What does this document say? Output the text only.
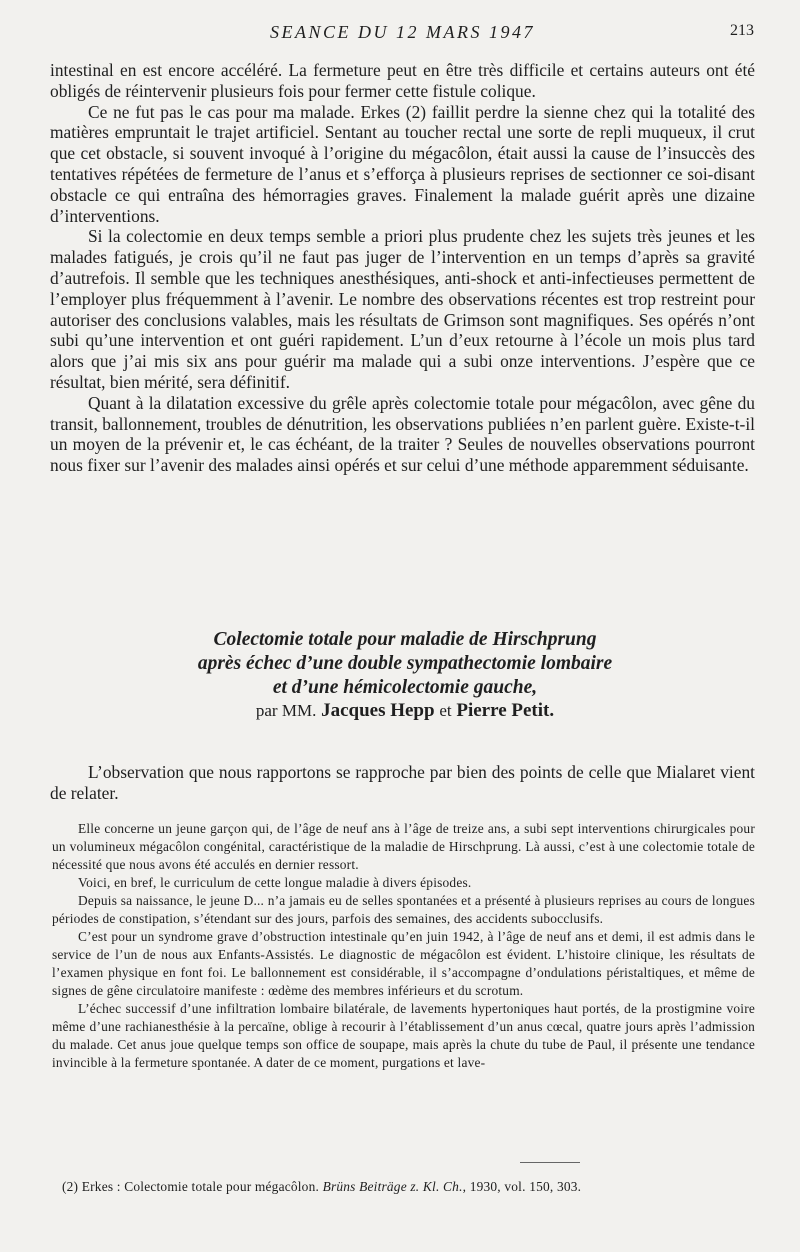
SEANCE DU 12 MARS 1947	213

intestinal en est encore accéléré. La fermeture peut en être très difficile et certains auteurs ont été obligés de réintervenir plusieurs fois pour fermer cette fistule colique.

Ce ne fut pas le cas pour ma malade. Erkes (2) faillit perdre la sienne chez qui la totalité des matières empruntait le trajet artificiel. Sentant au toucher rectal une sorte de repli muqueux, il crut que cet obstacle, si souvent invoqué à l’origine du mégacôlon, était aussi la cause de l’insuccès des tentatives répétées de fermeture de l’anus et s’efforça à plusieurs reprises de sectionner ce soi-disant obstacle ce qui entraîna des hémorragies graves. Finalement la malade guérit après une dizaine d’interventions.

Si la colectomie en deux temps semble a priori plus prudente chez les sujets très jeunes et les malades fatigués, je crois qu’il ne faut pas juger de l’intervention en un temps d’après sa gravité d’autrefois. Il semble que les techniques anesthésiques, anti-shock et anti-infectieuses permettent de l’employer plus fréquemment à l’avenir. Le nombre des observations récentes est trop restreint pour autoriser des conclusions valables, mais les résultats de Grimson sont magnifiques. Ses opérés n’ont subi qu’une intervention et ont guéri rapidement. L’un d’eux retourne à l’école un mois plus tard alors que j’ai mis six ans pour guérir ma malade qui a subi onze interventions. J’espère que ce résultat, bien mérité, sera définitif.

Quant à la dilatation excessive du grêle après colectomie totale pour mégacôlon, avec gêne du transit, ballonnement, troubles de dénutrition, les observations publiées n’en parlent guère. Existe-t-il un moyen de la prévenir et, le cas échéant, de la traiter ? Seules de nouvelles observations pourront nous fixer sur l’avenir des malades ainsi opérés et sur celui d’une méthode apparemment séduisante.

Colectomie totale pour maladie de Hirschprung
après échec d’une double sympathectomie lombaire
et d’une hémicolectomie gauche,
par MM. Jacques Hepp et Pierre Petit.

L’observation que nous rapportons se rapproche par bien des points de celle que Mialaret vient de relater.

Elle concerne un jeune garçon qui, de l’âge de neuf ans à l’âge de treize ans, a subi sept interventions chirurgicales pour un volumineux mégacôlon congénital, caractéristique de la maladie de Hirschprung. Là aussi, c’est à une colectomie totale de nécessité que nous avons été acculés en dernier ressort.

Voici, en bref, le curriculum de cette longue maladie à divers épisodes.

Depuis sa naissance, le jeune D... n’a jamais eu de selles spontanées et a présenté à plusieurs reprises au cours de longues périodes de constipation, s’étendant sur des jours, parfois des semaines, des accidents subocclusifs.

C’est pour un syndrome grave d’obstruction intestinale qu’en juin 1942, à l’âge de neuf ans et demi, il est admis dans le service de l’un de nous aux Enfants-Assistés. Le diagnostic de mégacôlon est évident. L’histoire clinique, les résultats de l’examen physique en font foi. Le ballonnement est considérable, il s’accompagne d’ondulations péristaltiques, et même de signes de gêne circulatoire manifeste : œdème des membres inférieurs et du scrotum.

L’échec successif d’une infiltration lombaire bilatérale, de lavements hypertoniques haut portés, de la prostigmine voire même d’une rachianesthésie à la percaïne, oblige à recourir à l’établissement d’un anus cœcal, quatre jours après l’admission du malade. Cet anus joue quelque temps son office de soupape, mais après la chute du tube de Paul, il présente une tendance invincible à la fermeture spontanée. A dater de ce moment, purgations et lave-

(2) Erkes : Colectomie totale pour mégacôlon. Brüns Beiträge z. Kl. Ch., 1930, vol. 150, 303.
